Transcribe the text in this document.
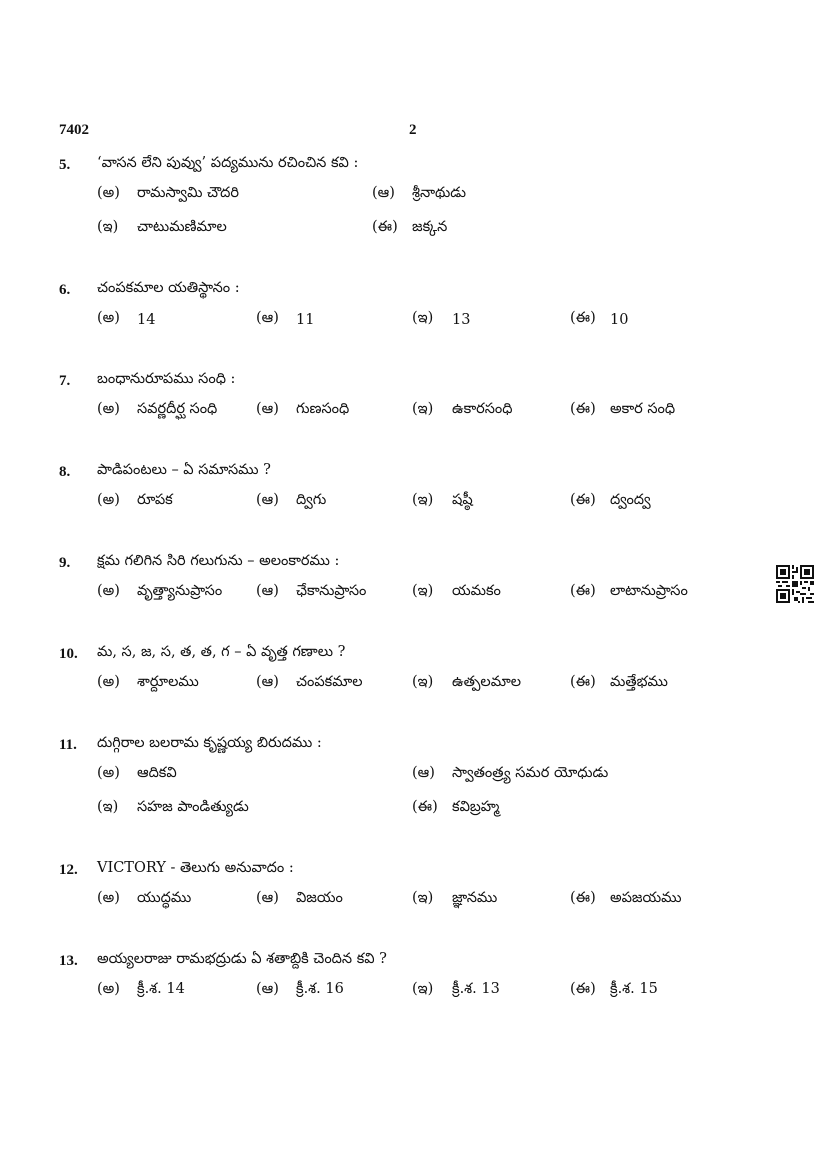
7402	2
5.	‘వాసన లేని పువ్వు’ పద్యమును రచించిన కవి :
(అ)	రామస్వామి చౌదరి	(ఆ)	శ్రీనాథుడు
(ఇ)	చాటుమణిమాల	(ఈ) జక్కన
6.	చంపకమాల యతిస్థానం :
(అ)	14	(ఆ)	11	(ఇ)	13	(ఈ) 10
7.	బంధానురూపము సంధి :
(అ)	సవర్ణదీర్ఘ సంధి	(ఆ)	గుణసంధి	(ఇ)	ఉకారసంధి	(ఈ) అకార సంధి
8.	పాడిపంటలు – ఏ సమాసము ?
(అ)	రూపక	(ఆ)	ద్విగు	(ఇ)	షష్ఠీ	(ఈ) ద్వంద్వ
9.	క్షమ గలిగిన సిరి గలుగును – అలంకారము :
(అ)	వృత్త్యానుప్రాసం (ఆ)	ఛేకానుప్రాసం	(ఇ)	యమకం	(ఈ) లాటానుప్రాసం
10.	మ, స, జ, స, త, త, గ – ఏ వృత్త గణాలు ?
(అ)	శార్దూలము	(ఆ)	చంపకమాల	(ఇ)	ఉత్పలమాల	(ఈ) మత్తేభము
11.	దుగ్గిరాల బలరామ కృష్ణయ్య బిరుదము :
(అ)	ఆదికవి	(ఆ)	స్వాతంత్ర్య సమర యోధుడు
(ఇ)	సహజ పాండిత్యుడు	(ఈ) కవిబ్రహ్మ
12.	VICTORY - తెలుగు అనువాదం :
(అ)	యుద్ధము	(ఆ)	విజయం	(ఇ)	జ్ఞానము	(ఈ) అపజయము
13.	అయ్యలరాజు రామభద్రుడు ఏ శతాబ్దికి చెందిన కవి ?
(అ)	క్రీ.శ. 14	(ఆ)	క్రీ.శ. 16	(ఇ)	క్రీ.శ. 13	(ఈ) క్రీ.శ. 15
